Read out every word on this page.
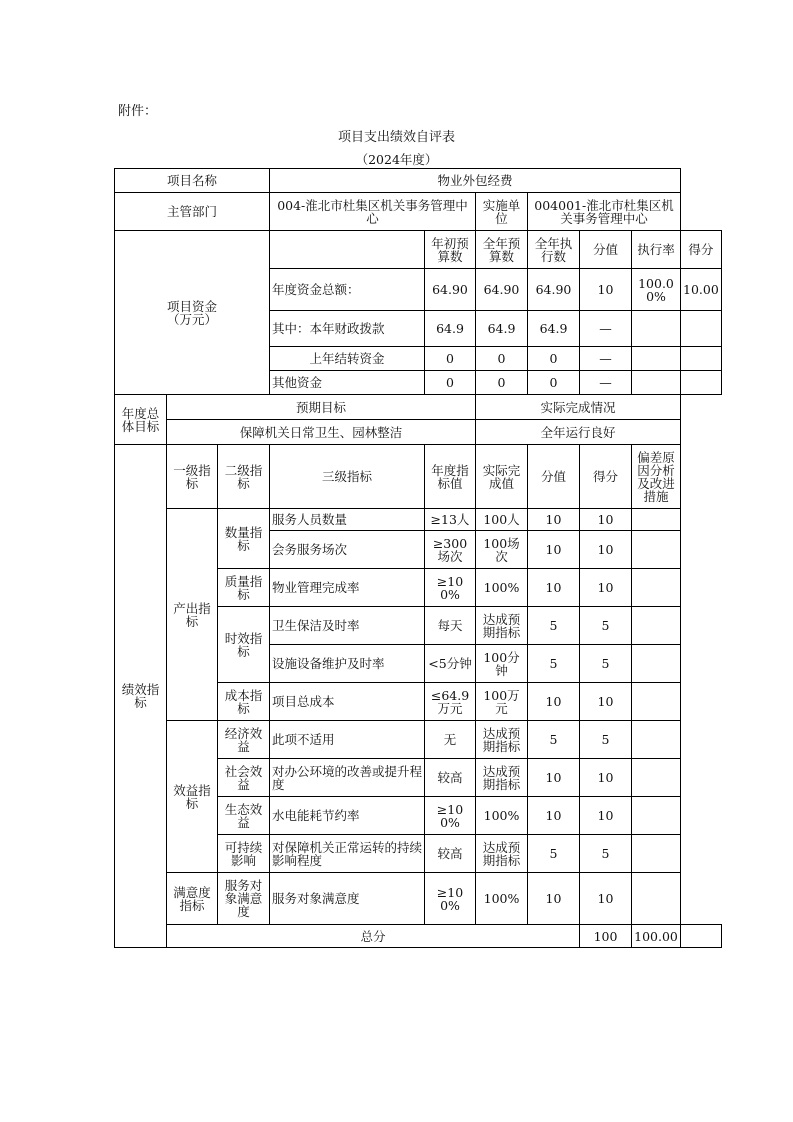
附件：
项目支出绩效自评表
（2024年度）
项目名称			物业外包经费						
主管部门			004-淮北市杜集区机关事务管理中心		实施单位	004001-淮北市杜集区机关事务管理中心			
项目资金
（万元）				年初预算数	全年预算数	全年执行数	分值	执行率	得分
			年度资金总额：	64.90	64.90	64.90	10	100.00%	10.00
			其中：本年财政拨款	64.9	64.9	64.9	—		
			上年结转资金	0	0	0	—		
			其他资金	0	0	0	—		
年度总体目标	预期目标				实际完成情况				
	保障机关日常卫生、园林整洁				全年运行良好				
绩效指标	一级指标	二级指标	三级指标	年度指标值	实际完成值	分值	得分	偏差原因分析及改进措施	
	产出指标	数量指标	服务人员数量	≥13人	100人	10	10		
			会务服务场次	≥300场次	100场次	10	10		
		质量指标	物业管理完成率	≥100%	100%	10	10		
		时效指标	卫生保洁及时率	每天	达成预期指标	5	5		
			设施设备维护及时率	<5分钟	100分钟	5	5		
		成本指标	项目总成本	≤64.9万元	100万元	10	10		
	效益指标	经济效益	此项不适用	无	达成预期指标	5	5		
		社会效益	对办公环境的改善或提升程度	较高	达成预期指标	10	10		
		生态效益	水电能耗节约率	≥100%	100%	10	10		
		可持续影响	对保障机关正常运转的持续影响程度	较高	达成预期指标	5	5		
	满意度指标	服务对象满意度	服务对象满意度	≥100%	100%	10	10		
	总分						100	100.00	
